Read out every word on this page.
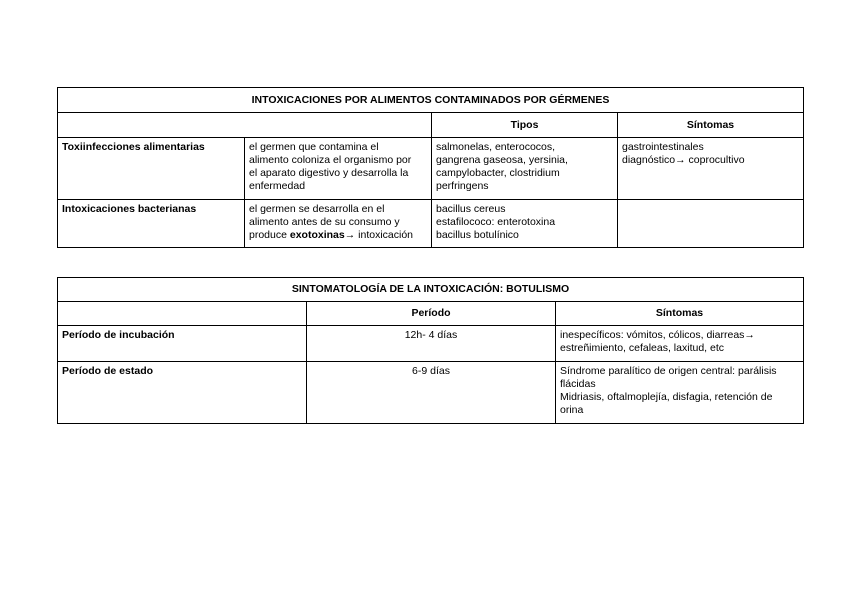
INTOXICACIONES POR ALIMENTOS CONTAMINADOS POR GÉRMENES			
		Tipos	Síntomas
Toxiinfecciones alimentarias	el germen que contamina el
alimento coloniza el organismo por
el aparato digestivo y desarrolla la
enfermedad	salmonelas, enterococos,
gangrena gaseosa, yersinia,
campylobacter, clostridium
perfringens	gastrointestinales
diagnóstico→ coprocultivo

Intoxicaciones bacterianas	el germen se desarrolla en el
alimento antes de su consumo y
produce exotoxinas→ intoxicación	bacillus cereus
estafilococo: enterotoxina
bacillus botulínico	

SINTOMATOLOGÍA DE LA INTOXICACIÓN: BOTULISMO		
	Período	Síntomas
Período de incubación	12h- 4 días	inespecíficos: vómitos, cólicos, diarreas→
estreñimiento, cefaleas, laxitud, etc

Período de estado	6-9 días	Síndrome paralítico de origen central: parálisis
flácidas
Midriasis, oftalmoplejía, disfagia, retención de
orina
